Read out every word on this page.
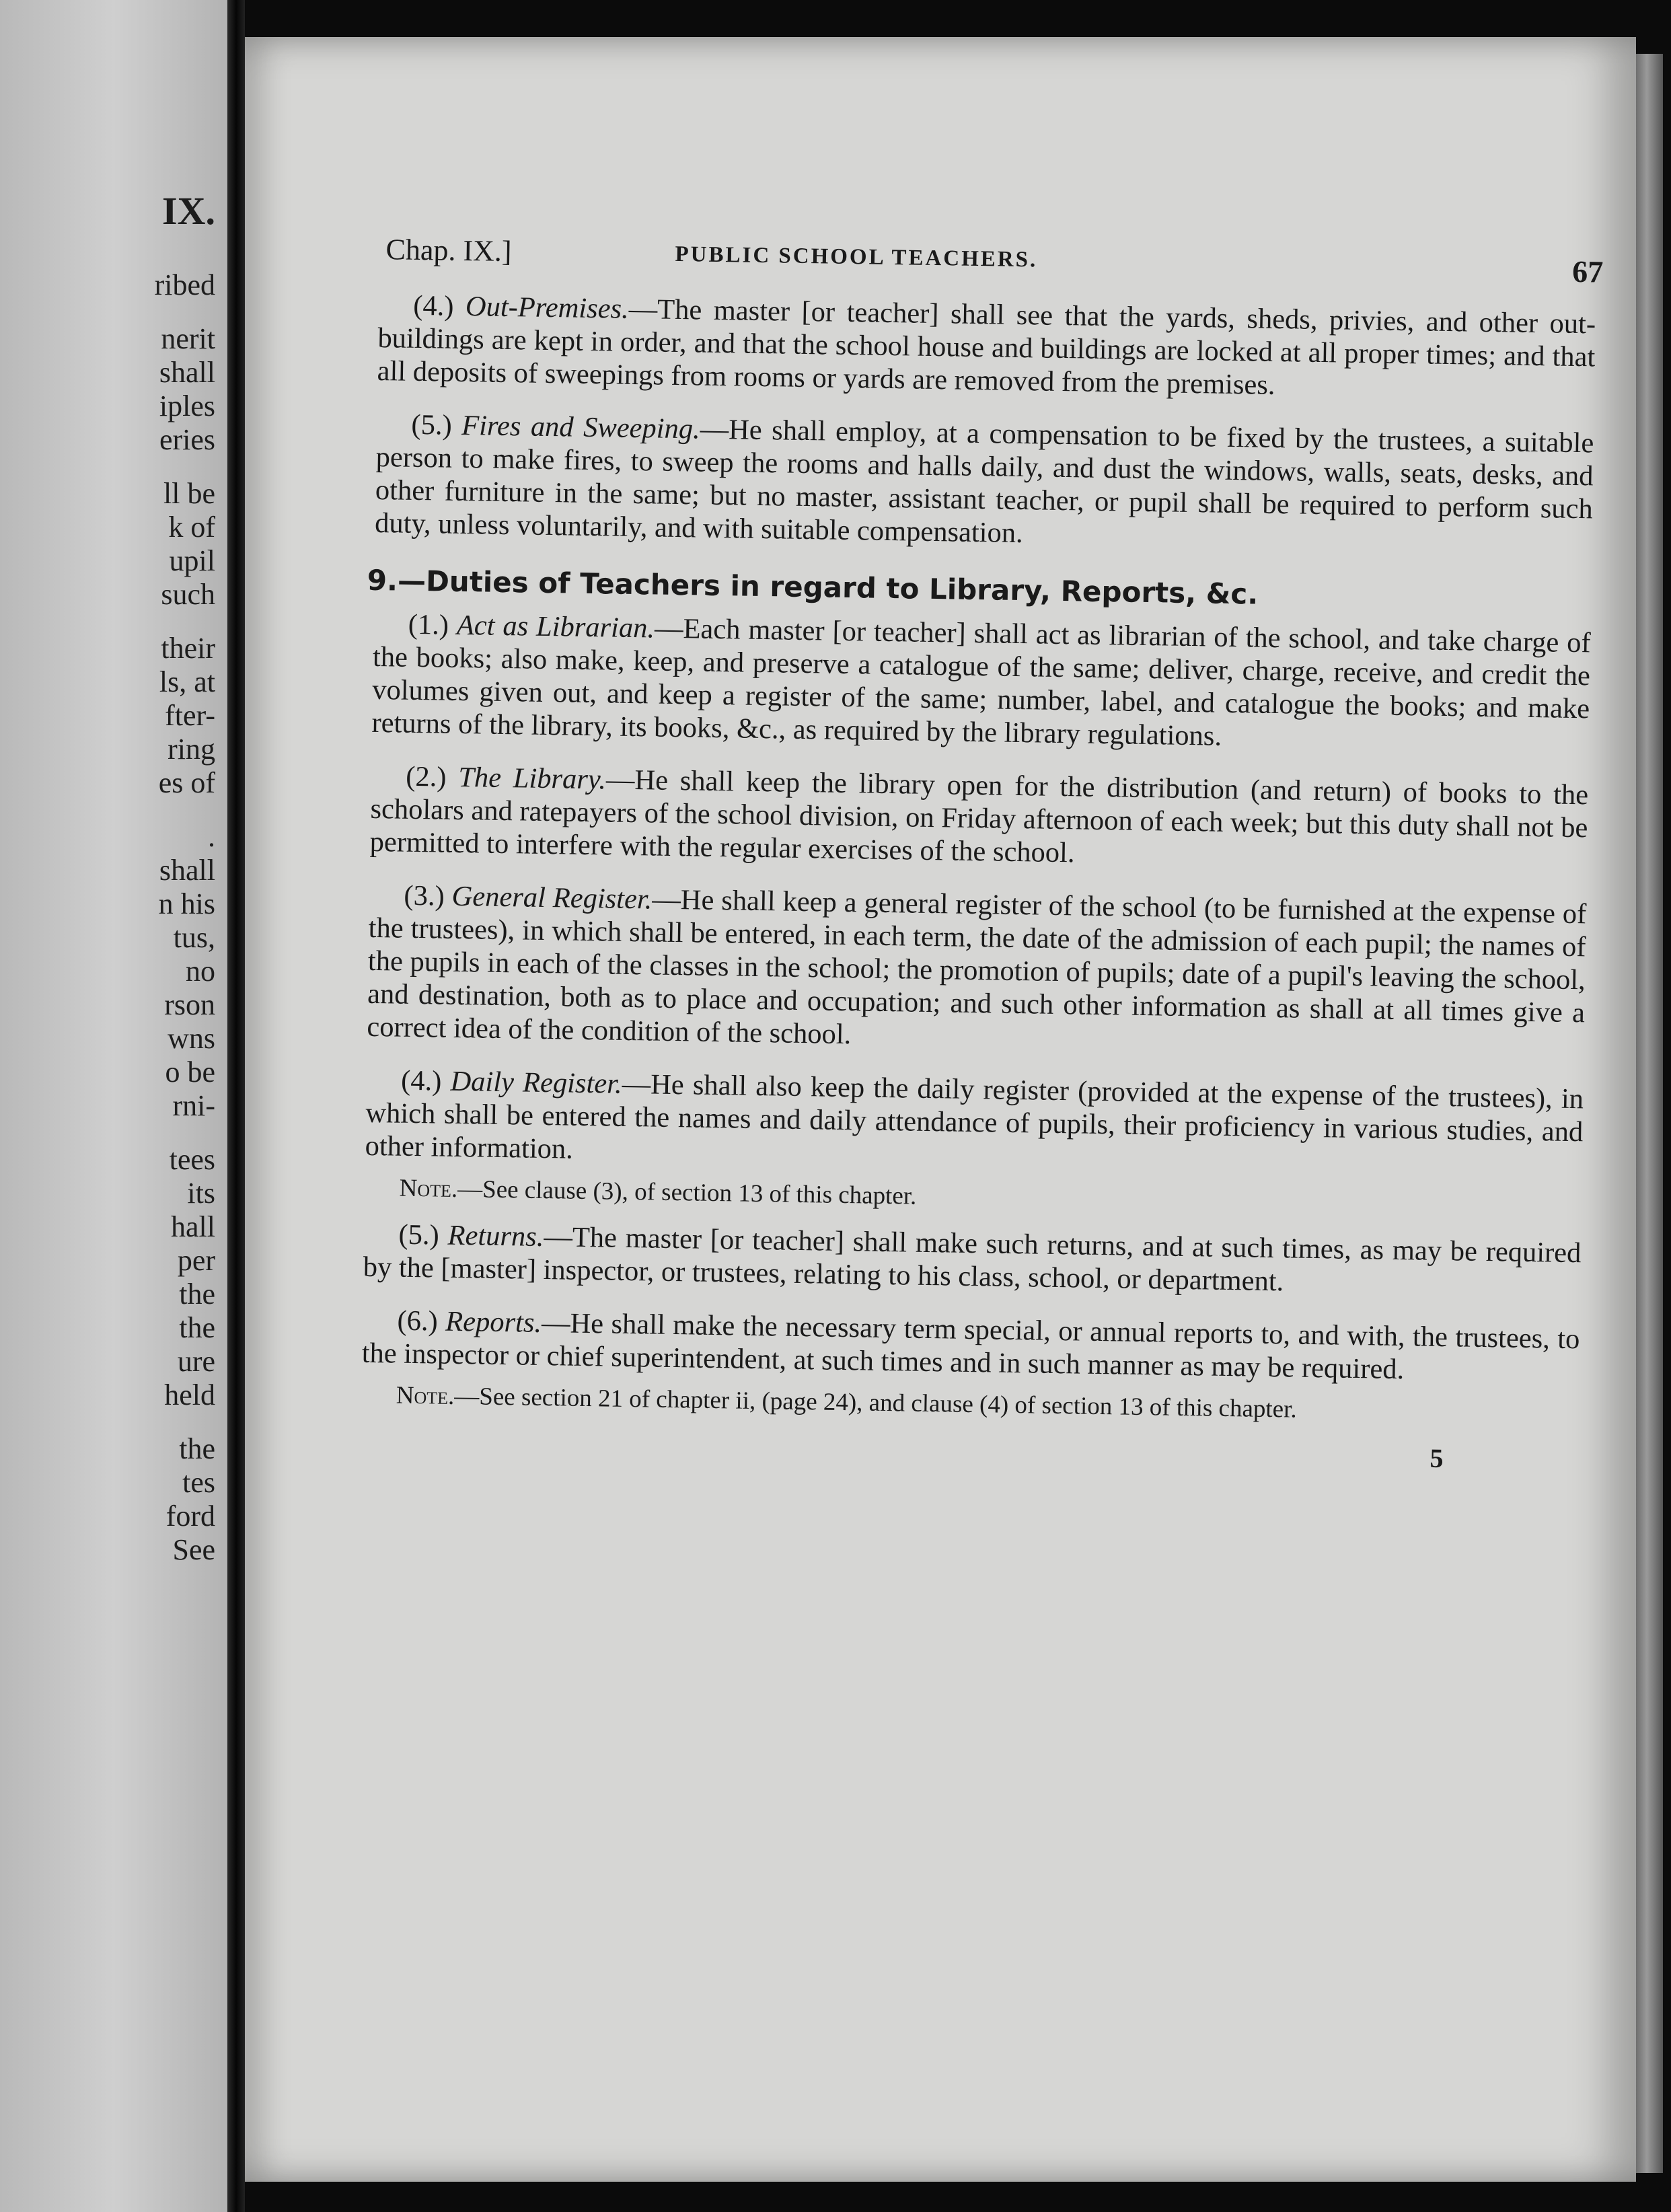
IX.
ribed
nerit
shall
iples
eries
ll be
k of
upil
such
their
ls, at
fter-
ring
es of
.
shall
n his
tus,
no
rson
wns
o be
rni-
tees
its
hall
per
the
the
ure
held
the
tes
ford
See
Chap. IX.]	PUBLIC SCHOOL TEACHERS.	67

(4.) Out-Premises.—The master [or teacher] shall see that the yards, sheds, privies, and other out-buildings are kept in order, and that the school house and buildings are locked at all proper times; and that all deposits of sweepings from rooms or yards are removed from the premises.

(5.) Fires and Sweeping.—He shall employ, at a compensation to be fixed by the trustees, a suitable person to make fires, to sweep the rooms and halls daily, and dust the windows, walls, seats, desks, and other furniture in the same; but no master, assistant teacher, or pupil shall be required to perform such duty, unless voluntarily, and with suitable compensation.

9.—Duties of Teachers in regard to Library, Reports, &c.

(1.) Act as Librarian.—Each master [or teacher] shall act as librarian of the school, and take charge of the books; also make, keep, and preserve a catalogue of the same; deliver, charge, receive, and credit the volumes given out, and keep a register of the same; number, label, and catalogue the books; and make returns of the library, its books, &c., as required by the library regulations.

(2.) The Library.—He shall keep the library open for the distribution (and return) of books to the scholars and ratepayers of the school division, on Friday afternoon of each week; but this duty shall not be permitted to interfere with the regular exercises of the school.

(3.) General Register.—He shall keep a general register of the school (to be furnished at the expense of the trustees), in which shall be entered, in each term, the date of the admission of each pupil; the names of the pupils in each of the classes in the school; the promotion of pupils; date of a pupil's leaving the school, and destination, both as to place and occupation; and such other information as shall at all times give a correct idea of the condition of the school.

(4.) Daily Register.—He shall also keep the daily register (provided at the expense of the trustees), in which shall be entered the names and daily attendance of pupils, their proficiency in various studies, and other information.

Note.—See clause (3), of section 13 of this chapter.

(5.) Returns.—The master [or teacher] shall make such returns, and at such times, as may be required by the [master] inspector, or trustees, relating to his class, school, or department.

(6.) Reports.—He shall make the necessary term special, or annual reports to, and with, the trustees, to the inspector or chief superintendent, at such times and in such manner as may be required.

Note.—See section 21 of chapter ii, (page 24), and clause (4) of section 13 of this chapter.

5
